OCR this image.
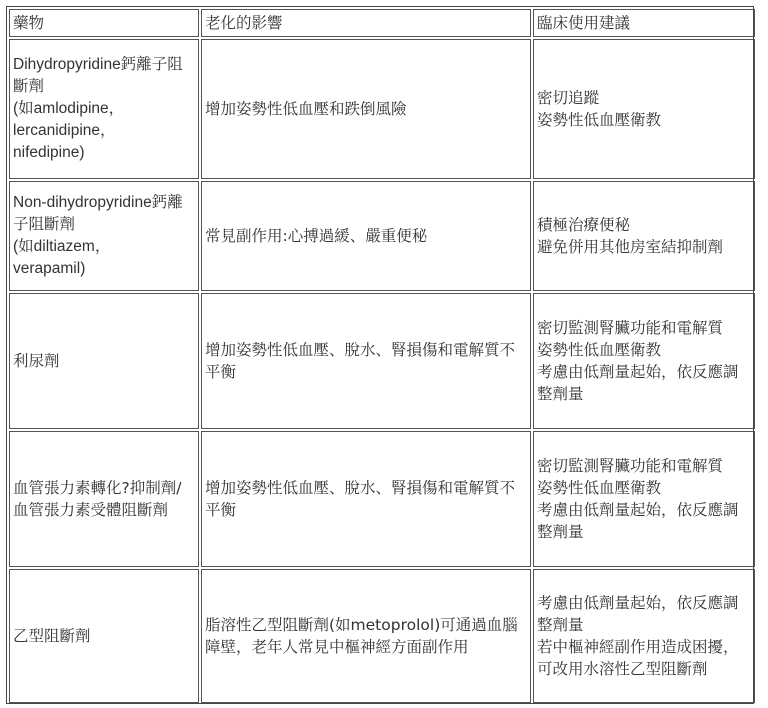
藥物	老化的影響	臨床使用建議

Dihydropyridine鈣離子阻斷劑
(如amlodipine，
lercanidipine，
nifedipine)	增加姿勢性低血壓和跌倒風險	密切追蹤
姿勢性低血壓衛教

Non-dihydropyridine鈣離子阻斷劑
(如diltiazem，
verapamil)	常見副作用:心搏過緩、嚴重便秘	積極治療便秘
避免併用其他房室結抑制劑

利尿劑	增加姿勢性低血壓、脫水、腎損傷和電解質不平衡	密切監測腎臟功能和電解質
姿勢性低血壓衛教
考慮由低劑量起始，依反應調整劑量

血管張力素轉化?抑制劑/血管張力素受體阻斷劑	增加姿勢性低血壓、脫水、腎損傷和電解質不平衡	密切監測腎臟功能和電解質
姿勢性低血壓衛教
考慮由低劑量起始，依反應調整劑量

乙型阻斷劑	脂溶性乙型阻斷劑(如metoprolol)可通過血腦障壁，老年人常見中樞神經方面副作用	考慮由低劑量起始，依反應調整劑量
若中樞神經副作用造成困擾，可改用水溶性乙型阻斷劑
